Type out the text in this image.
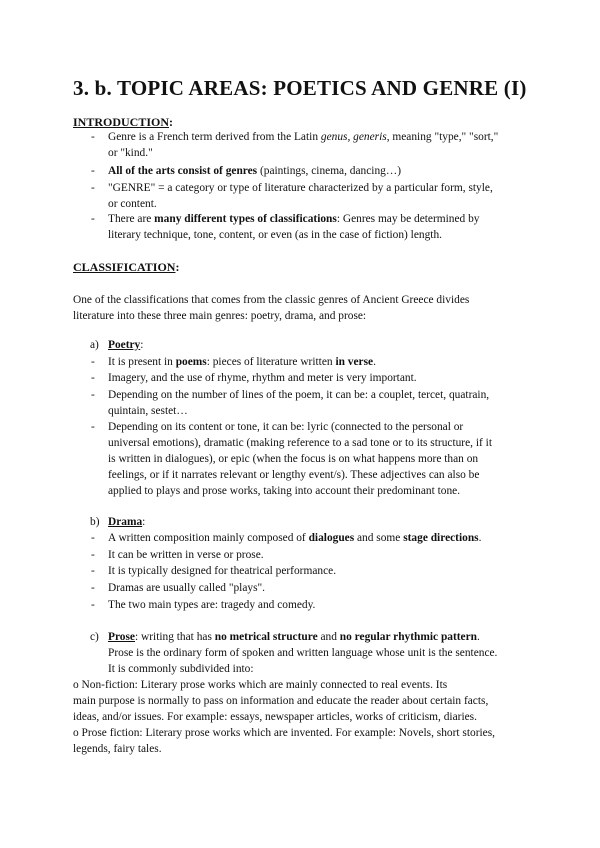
3. b. TOPIC AREAS: POETICS AND GENRE (I)
INTRODUCTION:
- Genre is a French term derived from the Latin genus, generis, meaning "type," "sort,"
or "kind."
- All of the arts consist of genres (paintings, cinema, dancing…)
- "GENRE" = a category or type of literature characterized by a particular form, style,
or content.
- There are many different types of classifications: Genres may be determined by
literary technique, tone, content, or even (as in the case of fiction) length.
CLASSIFICATION:
One of the classifications that comes from the classic genres of Ancient Greece divides
literature into these three main genres: poetry, drama, and prose:
a) Poetry:
- It is present in poems: pieces of literature written in verse.
- Imagery, and the use of rhyme, rhythm and meter is very important.
- Depending on the number of lines of the poem, it can be: a couplet, tercet, quatrain,
quintain, sestet…
- Depending on its content or tone, it can be: lyric (connected to the personal or
universal emotions), dramatic (making reference to a sad tone or to its structure, if it
is written in dialogues), or epic (when the focus is on what happens more than on
feelings, or if it narrates relevant or lengthy event/s). These adjectives can also be
applied to plays and prose works, taking into account their predominant tone.
b) Drama:
- A written composition mainly composed of dialogues and some stage directions.
- It can be written in verse or prose.
- It is typically designed for theatrical performance.
- Dramas are usually called "plays".
- The two main types are: tragedy and comedy.
c) Prose: writing that has no metrical structure and no regular rhythmic pattern.
Prose is the ordinary form of spoken and written language whose unit is the sentence.
It is commonly subdivided into:
o Non-fiction: Literary prose works which are mainly connected to real events. Its
main purpose is normally to pass on information and educate the reader about certain facts,
ideas, and/or issues. For example: essays, newspaper articles, works of criticism, diaries.
o Prose fiction: Literary prose works which are invented. For example: Novels, short stories,
legends, fairy tales.
